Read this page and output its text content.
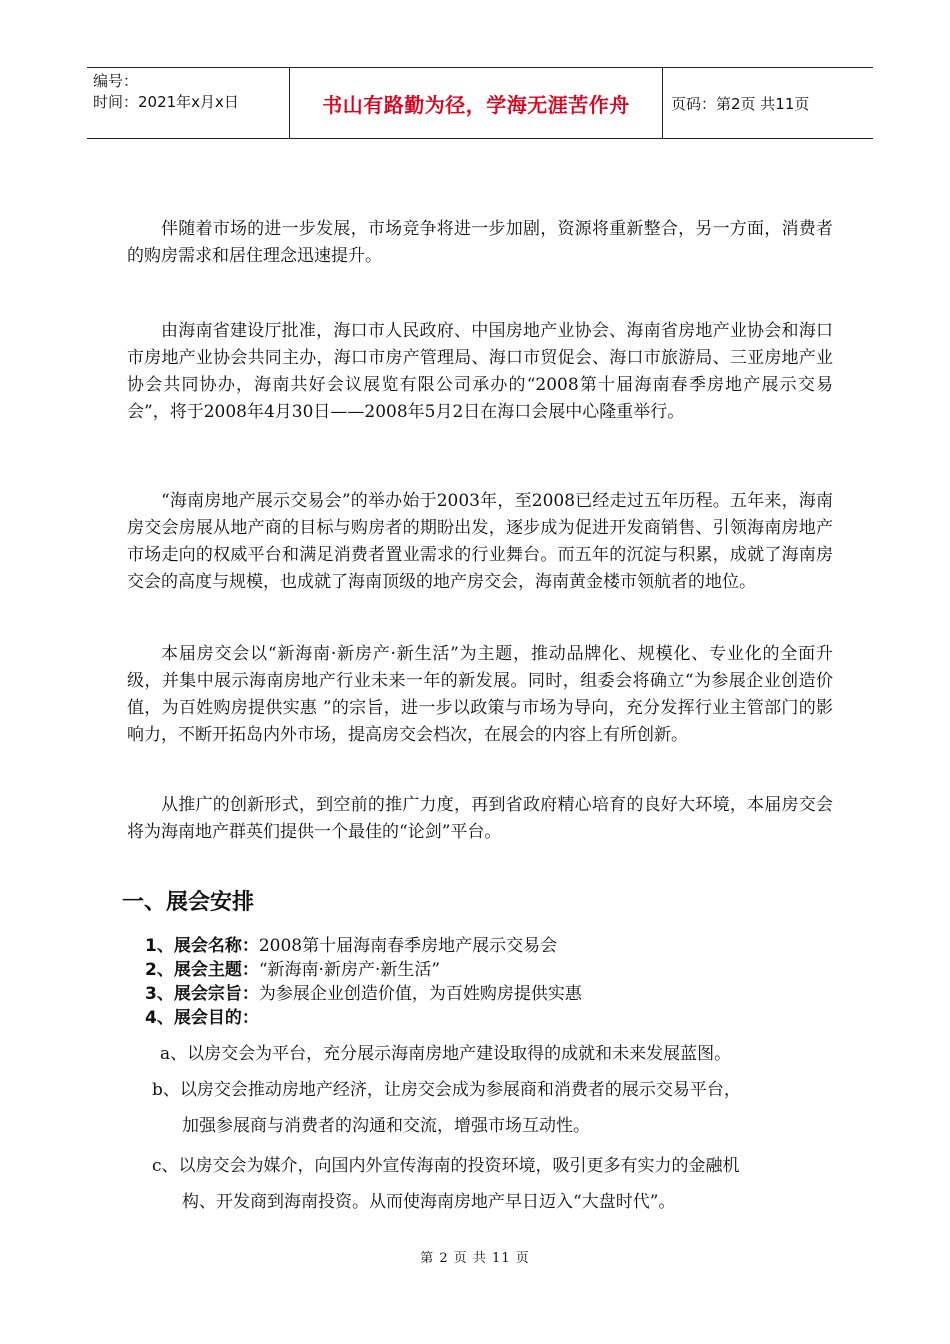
编号：
时间：2021年x月x日	书山有路勤为径，学海无涯苦作舟	页码：第2页 共11页

伴随着市场的进一步发展，市场竞争将进一步加剧，资源将重新整合，另一方面，消费者的购房需求和居住理念迅速提升。

由海南省建设厅批准，海口市人民政府、中国房地产业协会、海南省房地产业协会和海口市房地产业协会共同主办，海口市房产管理局、海口市贸促会、海口市旅游局、三亚房地产业协会共同协办，海南共好会议展览有限公司承办的“2008第十届海南春季房地产展示交易会”，将于2008年4月30日——2008年5月2日在海口会展中心隆重举行。

“海南房地产展示交易会”的举办始于2003年，至2008已经走过五年历程。五年来，海南房交会房展从地产商的目标与购房者的期盼出发，逐步成为促进开发商销售、引领海南房地产市场走向的权威平台和满足消费者置业需求的行业舞台。而五年的沉淀与积累，成就了海南房交会的高度与规模，也成就了海南顶级的地产房交会，海南黄金楼市领航者的地位。

本届房交会以“新海南·新房产·新生活”为主题，推动品牌化、规模化、专业化的全面升级，并集中展示海南房地产行业未来一年的新发展。同时，组委会将确立“为参展企业创造价值，为百姓购房提供实惠 ”的宗旨，进一步以政策与市场为导向，充分发挥行业主管部门的影响力，不断开拓岛内外市场，提高房交会档次，在展会的内容上有所创新。

从推广的创新形式，到空前的推广力度，再到省政府精心培育的良好大环境，本届房交会将为海南地产群英们提供一个最佳的“论剑”平台。

一、展会安排

1、展会名称：2008第十届海南春季房地产展示交易会

2、展会主题：“新海南·新房产·新生活”

3、展会宗旨：为参展企业创造价值，为百姓购房提供实惠

4、展会目的：

a、以房交会为平台，充分展示海南房地产建设取得的成就和未来发展蓝图。

b、以房交会推动房地产经济，让房交会成为参展商和消费者的展示交易平台，

加强参展商与消费者的沟通和交流，增强市场互动性。

c、以房交会为媒介，向国内外宣传海南的投资环境，吸引更多有实力的金融机

构、开发商到海南投资。从而使海南房地产早日迈入“大盘时代”。

第 2 页 共 11 页
